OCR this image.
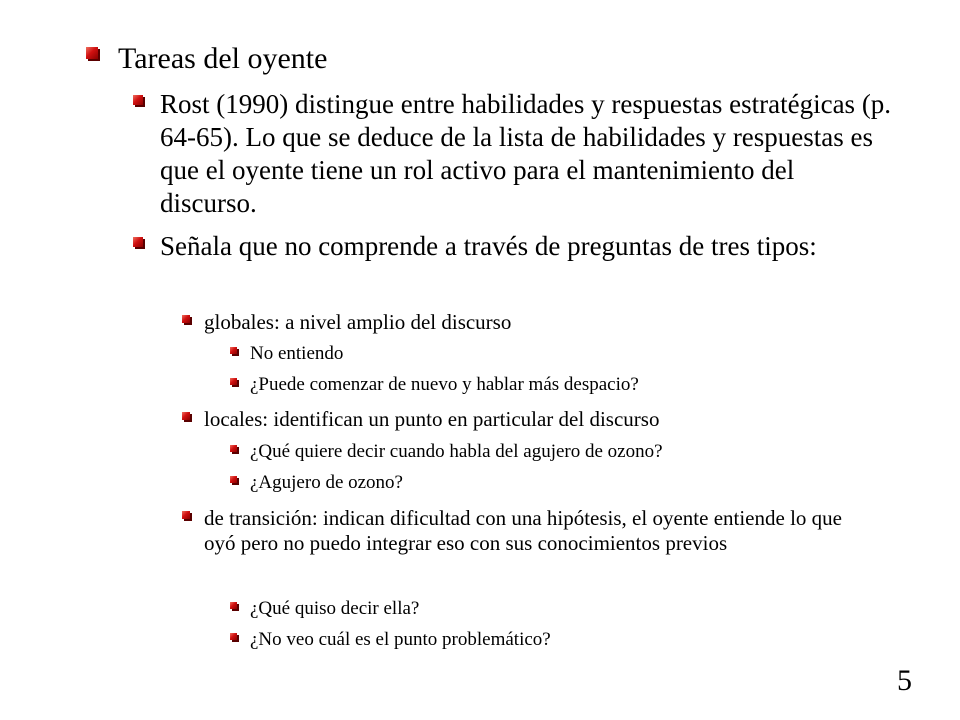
Tareas del oyente
Rost (1990) distingue entre habilidades y respuestas estratégicas (p. 64-65). Lo que se deduce de la lista de habilidades y respuestas es que el oyente tiene un rol activo para el mantenimiento del discurso.
Señala que no comprende a través de preguntas de tres tipos:
globales: a nivel amplio del discurso
No entiendo
¿Puede comenzar de nuevo y hablar más despacio?
locales: identifican un punto en particular del discurso
¿Qué quiere decir cuando habla del agujero de ozono?
¿Agujero de ozono?
de transición: indican dificultad con una hipótesis, el oyente entiende lo que oyó pero no puedo integrar eso con sus conocimientos previos
¿Qué quiso decir ella?
¿No veo cuál es el punto problemático?
5
